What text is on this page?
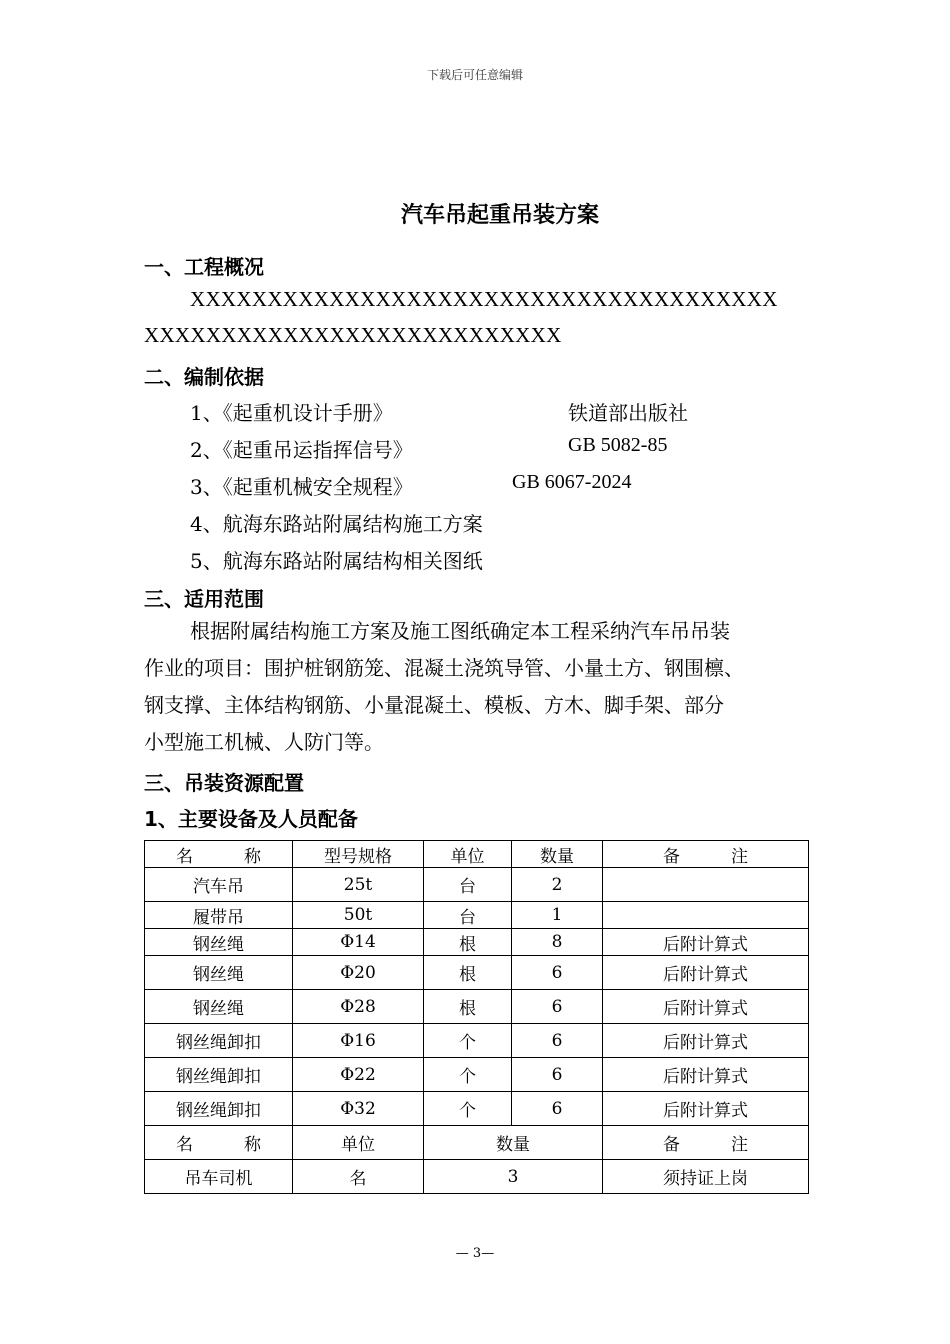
下载后可任意编辑
汽车吊起重吊装方案
一、工程概况
XXXXXXXXXXXXXXXXXXXXXXXXXXXXXXXXXXXXXX
XXXXXXXXXXXXXXXXXXXXXXXXXXX
二、编制依据
1、《起重机设计手册》	铁道部出版社
2、《起重吊运指挥信号》	GB 5082-85
3、《起重机械安全规程》	GB 6067-2024
4、航海东路站附属结构施工方案
5、航海东路站附属结构相关图纸
三、适用范围
根据附属结构施工方案及施工图纸确定本工程采纳汽车吊吊装
作业的项目：围护桩钢筋笼、混凝土浇筑导管、小量土方、钢围檩、
钢支撑、主体结构钢筋、小量混凝土、模板、方木、脚手架、部分
小型施工机械、人防门等。
三、吊装资源配置
1、主要设备及人员配备
名　　　称	型号规格	单位	数量	备　　　注
汽车吊	25t	台	2	
履带吊	50t	台	1	
钢丝绳	Φ14	根	8	后附计算式
钢丝绳	Φ20	根	6	后附计算式
钢丝绳	Φ28	根	6	后附计算式
钢丝绳卸扣	Φ16	个	6	后附计算式
钢丝绳卸扣	Φ22	个	6	后附计算式
钢丝绳卸扣	Φ32	个	6	后附计算式
名　　　称	单位	数量		备　　　注
吊车司机	名	3		须持证上岗
— 3—
